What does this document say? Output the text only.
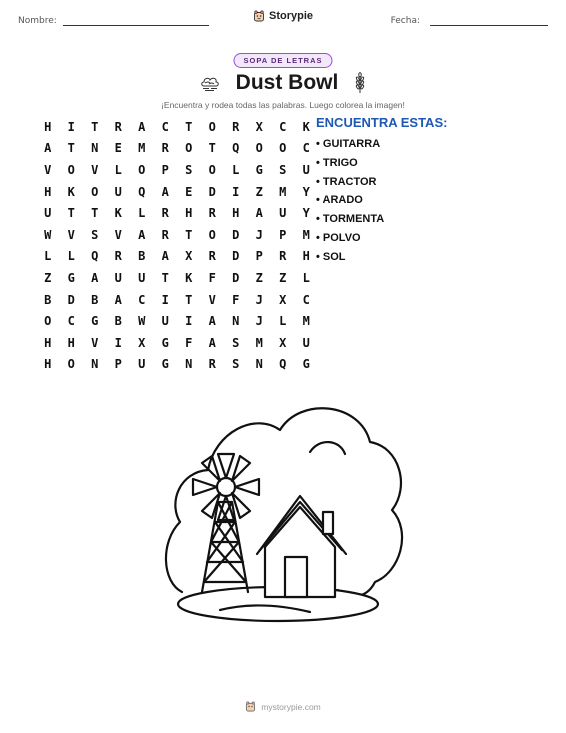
Nombre:	Storypie	Fecha:
SOPA DE LETRAS
Dust Bowl
¡Encuentra y rodea todas las palabras. Luego colorea la imagen!
H	I	T	R	A	C	T	O	R	X	C	K
A	T	N	E	M	R	O	T	Q	O	O	C
V	O	V	L	O	P	S	O	L	G	S	U
H	K	O	U	Q	A	E	D	I	Z	M	Y
U	T	T	K	L	R	H	R	H	A	U	Y
W	V	S	V	A	R	T	O	D	J	P	M
L	L	Q	R	B	A	X	R	D	P	R	H
Z	G	A	U	U	T	K	F	D	Z	Z	L
B	D	B	A	C	I	T	V	F	J	X	C
O	C	G	B	W	U	I	A	N	J	L	M
H	H	V	I	X	G	F	A	S	M	X	U
H	O	N	P	U	G	N	R	S	N	Q	G
ENCUENTRA ESTAS:
• GUITARRA
• TRIGO
• TRACTOR
• ARADO
• TORMENTA
• POLVO
• SOL
mystorypie.com
